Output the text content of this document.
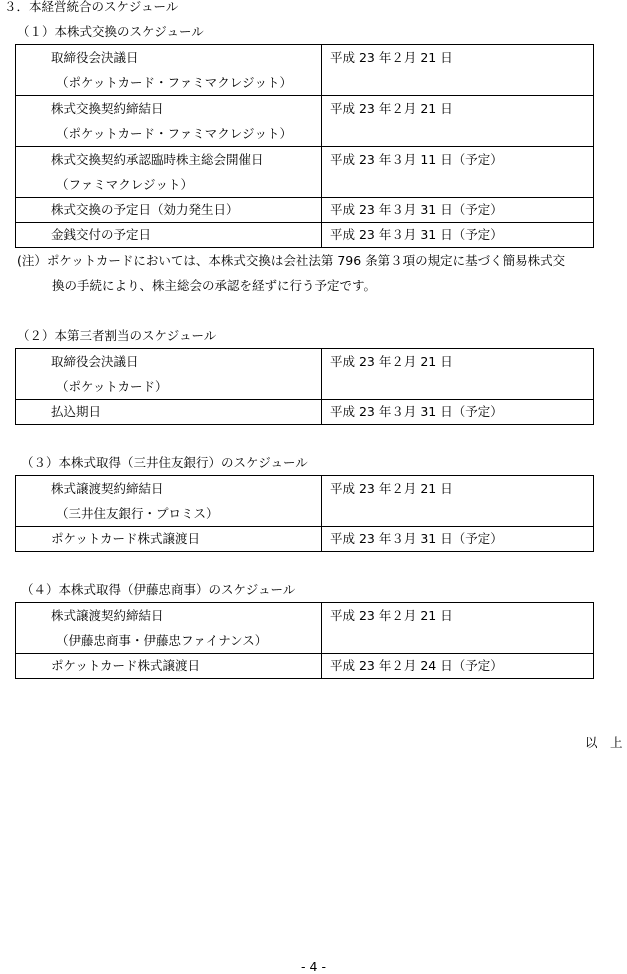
３．本経営統合のスケジュール
（１）本株式交換のスケジュール
取締役会決議日
（ポケットカード・ファミマクレジット）	平成 23 年２月 21 日

株式交換契約締結日
（ポケットカード・ファミマクレジット）	平成 23 年２月 21 日

株式交換契約承認臨時株主総会開催日
（ファミマクレジット）	平成 23 年３月 11 日（予定）

株式交換の予定日（効力発生日）	平成 23 年３月 31 日（予定）

金銭交付の予定日	平成 23 年３月 31 日（予定）
(注）ポケットカードにおいては、本株式交換は会社法第 796 条第３項の規定に基づく簡易株式交
換の手続により、株主総会の承認を経ずに行う予定です。
（２）本第三者割当のスケジュール
取締役会決議日
（ポケットカード）	平成 23 年２月 21 日

払込期日	平成 23 年３月 31 日（予定）
（３）本株式取得（三井住友銀行）のスケジュール
株式譲渡契約締結日
（三井住友銀行・プロミス）	平成 23 年２月 21 日

ポケットカード株式譲渡日	平成 23 年３月 31 日（予定）
（４）本株式取得（伊藤忠商事）のスケジュール
株式譲渡契約締結日
（伊藤忠商事・伊藤忠ファイナンス）	平成 23 年２月 21 日

ポケットカード株式譲渡日	平成 23 年２月 24 日（予定）
以　上
- 4 -
